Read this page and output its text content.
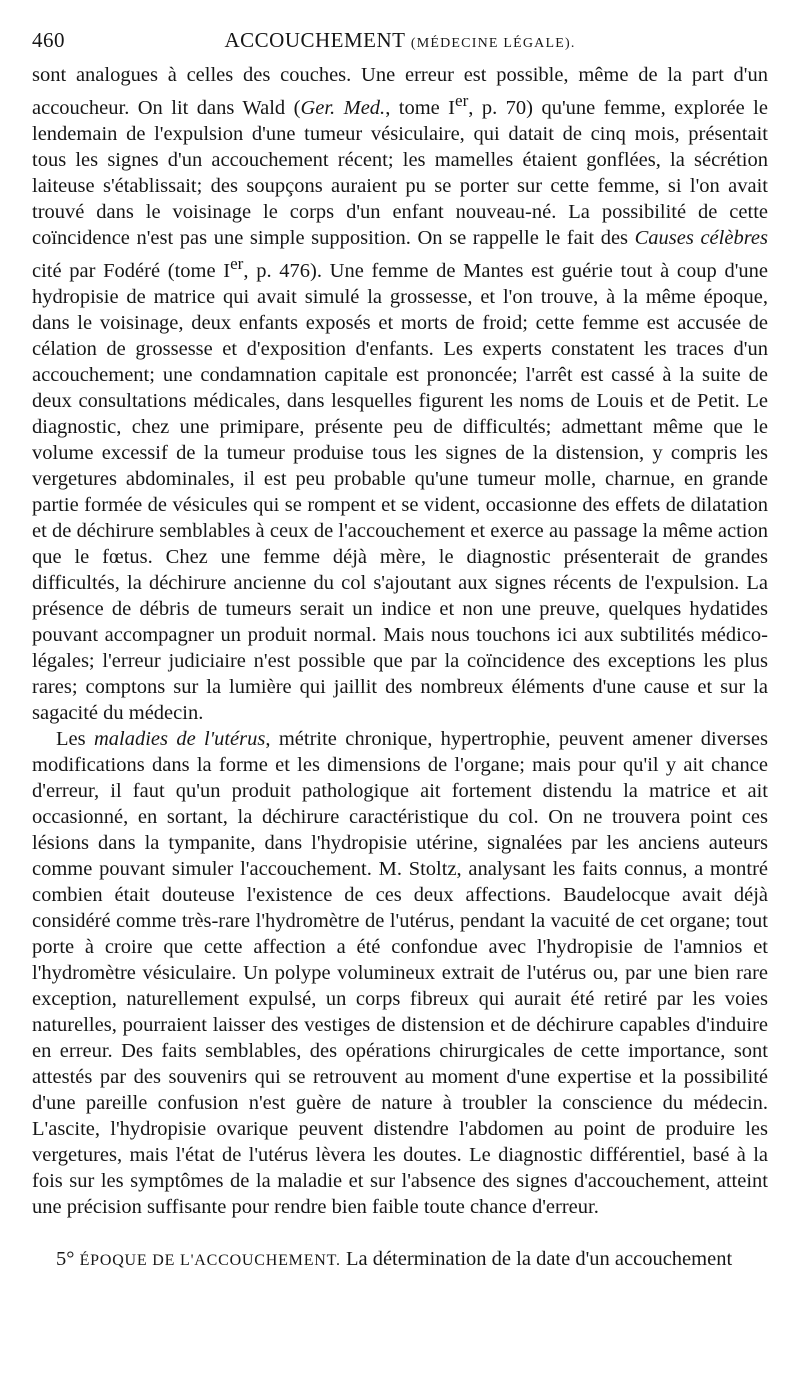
460	ACCOUCHEMENT (MÉDECINE LÉGALE).

sont analogues à celles des couches. Une erreur est possible, même de la part d'un accoucheur. On lit dans Wald (Ger. Med., tome Ier, p. 70) qu'une femme, explorée le lendemain de l'expulsion d'une tumeur vésiculaire, qui datait de cinq mois, présentait tous les signes d'un accouchement récent; les mamelles étaient gonflées, la sécrétion laiteuse s'établissait; des soupçons auraient pu se porter sur cette femme, si l'on avait trouvé dans le voisinage le corps d'un enfant nouveau-né. La possibilité de cette coïncidence n'est pas une simple supposition. On se rappelle le fait des Causes célèbres cité par Fodéré (tome Ier, p. 476). Une femme de Mantes est guérie tout à coup d'une hydropisie de matrice qui avait simulé la grossesse, et l'on trouve, à la même époque, dans le voisinage, deux enfants exposés et morts de froid; cette femme est accusée de célation de grossesse et d'exposition d'enfants. Les experts constatent les traces d'un accouchement; une condamnation capitale est prononcée; l'arrêt est cassé à la suite de deux consultations médicales, dans lesquelles figurent les noms de Louis et de Petit. Le diagnostic, chez une primipare, présente peu de difficultés; admettant même que le volume excessif de la tumeur produise tous les signes de la distension, y compris les vergetures abdominales, il est peu probable qu'une tumeur molle, charnue, en grande partie formée de vésicules qui se rompent et se vident, occasionne des effets de dilatation et de déchirure semblables à ceux de l'accouchement et exerce au passage la même action que le fœtus. Chez une femme déjà mère, le diagnostic présenterait de grandes difficultés, la déchirure ancienne du col s'ajoutant aux signes récents de l'expulsion. La présence de débris de tumeurs serait un indice et non une preuve, quelques hydatides pouvant accompagner un produit normal. Mais nous touchons ici aux subtilités médico-légales; l'erreur judiciaire n'est possible que par la coïncidence des exceptions les plus rares; comptons sur la lumière qui jaillit des nombreux éléments d'une cause et sur la sagacité du médecin.

Les maladies de l'utérus, métrite chronique, hypertrophie, peuvent amener diverses modifications dans la forme et les dimensions de l'organe; mais pour qu'il y ait chance d'erreur, il faut qu'un produit pathologique ait fortement distendu la matrice et ait occasionné, en sortant, la déchirure caractéristique du col. On ne trouvera point ces lésions dans la tympanite, dans l'hydropisie utérine, signalées par les anciens auteurs comme pouvant simuler l'accouchement. M. Stoltz, analysant les faits connus, a montré combien était douteuse l'existence de ces deux affections. Baudelocque avait déjà considéré comme très-rare l'hydromètre de l'utérus, pendant la vacuité de cet organe; tout porte à croire que cette affection a été confondue avec l'hydropisie de l'amnios et l'hydromètre vésiculaire. Un polype volumineux extrait de l'utérus ou, par une bien rare exception, naturellement expulsé, un corps fibreux qui aurait été retiré par les voies naturelles, pourraient laisser des vestiges de distension et de déchirure capables d'induire en erreur. Des faits semblables, des opérations chirurgicales de cette importance, sont attestés par des souvenirs qui se retrouvent au moment d'une expertise et la possibilité d'une pareille confusion n'est guère de nature à troubler la conscience du médecin. L'ascite, l'hydropisie ovarique peuvent distendre l'abdomen au point de produire les vergetures, mais l'état de l'utérus lèvera les doutes. Le diagnostic différentiel, basé à la fois sur les symptômes de la maladie et sur l'absence des signes d'accouchement, atteint une précision suffisante pour rendre bien faible toute chance d'erreur.

5° ÉPOQUE DE L'ACCOUCHEMENT. La détermination de la date d'un accouchement
